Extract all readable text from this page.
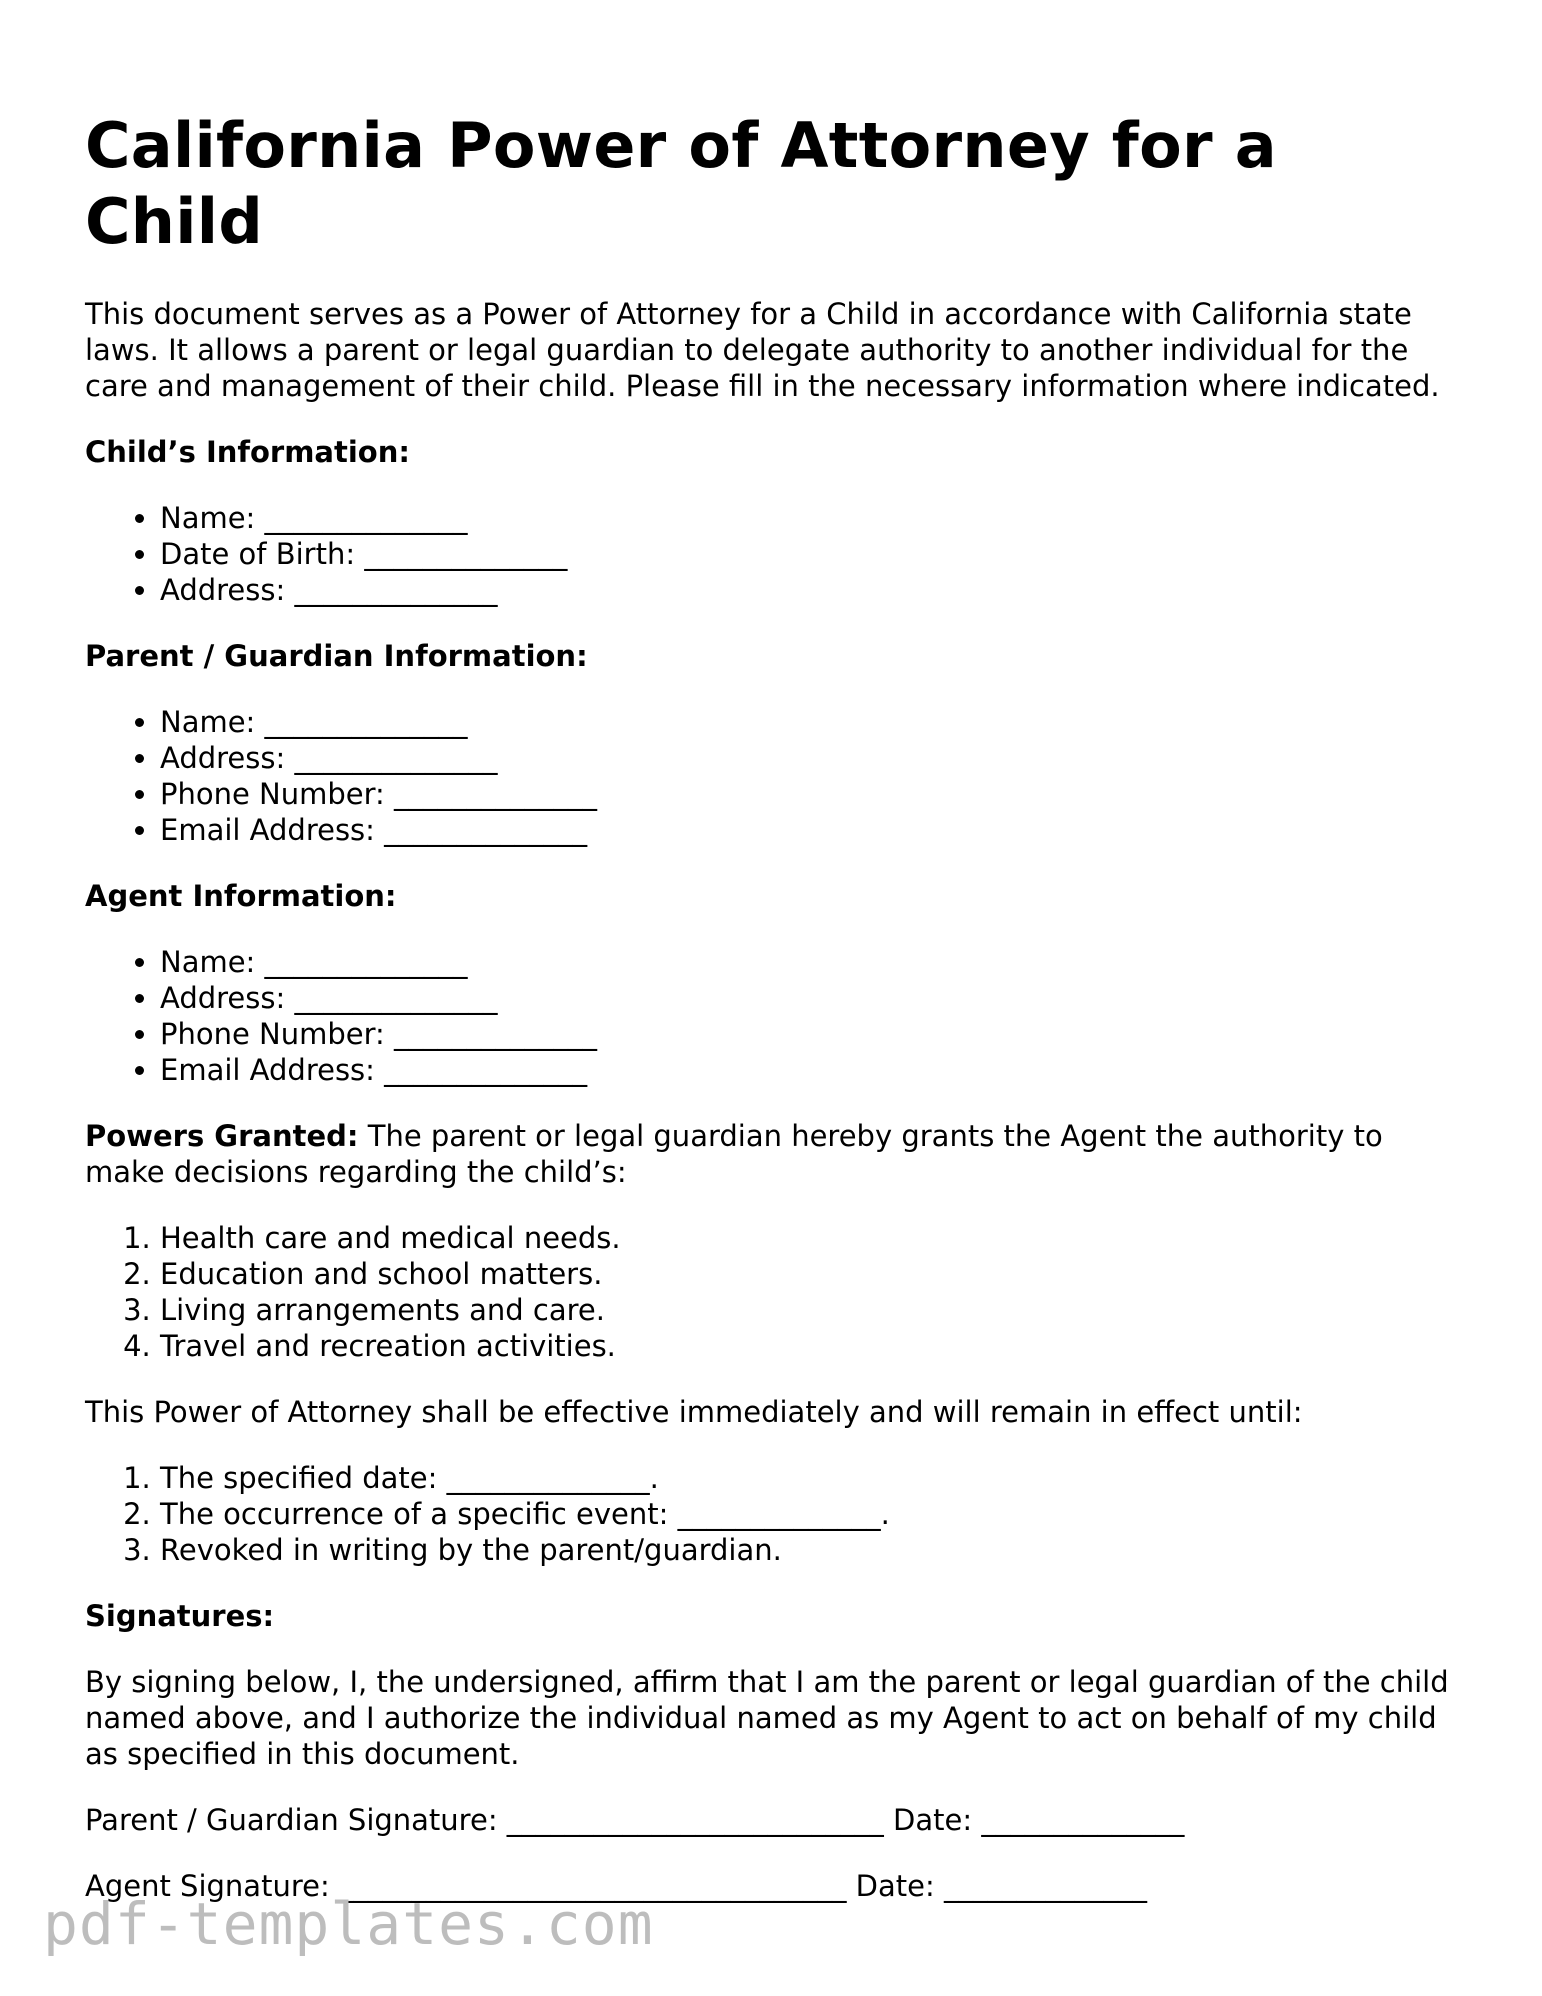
California Power of Attorney for a Child

This document serves as a Power of Attorney for a Child in accordance with California state laws. It allows a parent or legal guardian to delegate authority to another individual for the care and management of their child. Please fill in the necessary information where indicated.

Child’s Information:

• Name: ______________
• Date of Birth: ______________
• Address: ______________

Parent / Guardian Information:

• Name: ______________
• Address: ______________
• Phone Number: ______________
• Email Address: ______________

Agent Information:

• Name: ______________
• Address: ______________
• Phone Number: ______________
• Email Address: ______________

Powers Granted: The parent or legal guardian hereby grants the Agent the authority to make decisions regarding the child’s:

1. Health care and medical needs.
2. Education and school matters.
3. Living arrangements and care.
4. Travel and recreation activities.

This Power of Attorney shall be effective immediately and will remain in effect until:

1. The specified date: ______________.
2. The occurrence of a specific event: ______________.
3. Revoked in writing by the parent/guardian.

Signatures:

By signing below, I, the undersigned, affirm that I am the parent or legal guardian of the child named above, and I authorize the individual named as my Agent to act on behalf of my child as specified in this document.

Parent / Guardian Signature: __________________________ Date: ______________

Agent Signature: ___________________________________ Date: ______________

pdf-templates.com
